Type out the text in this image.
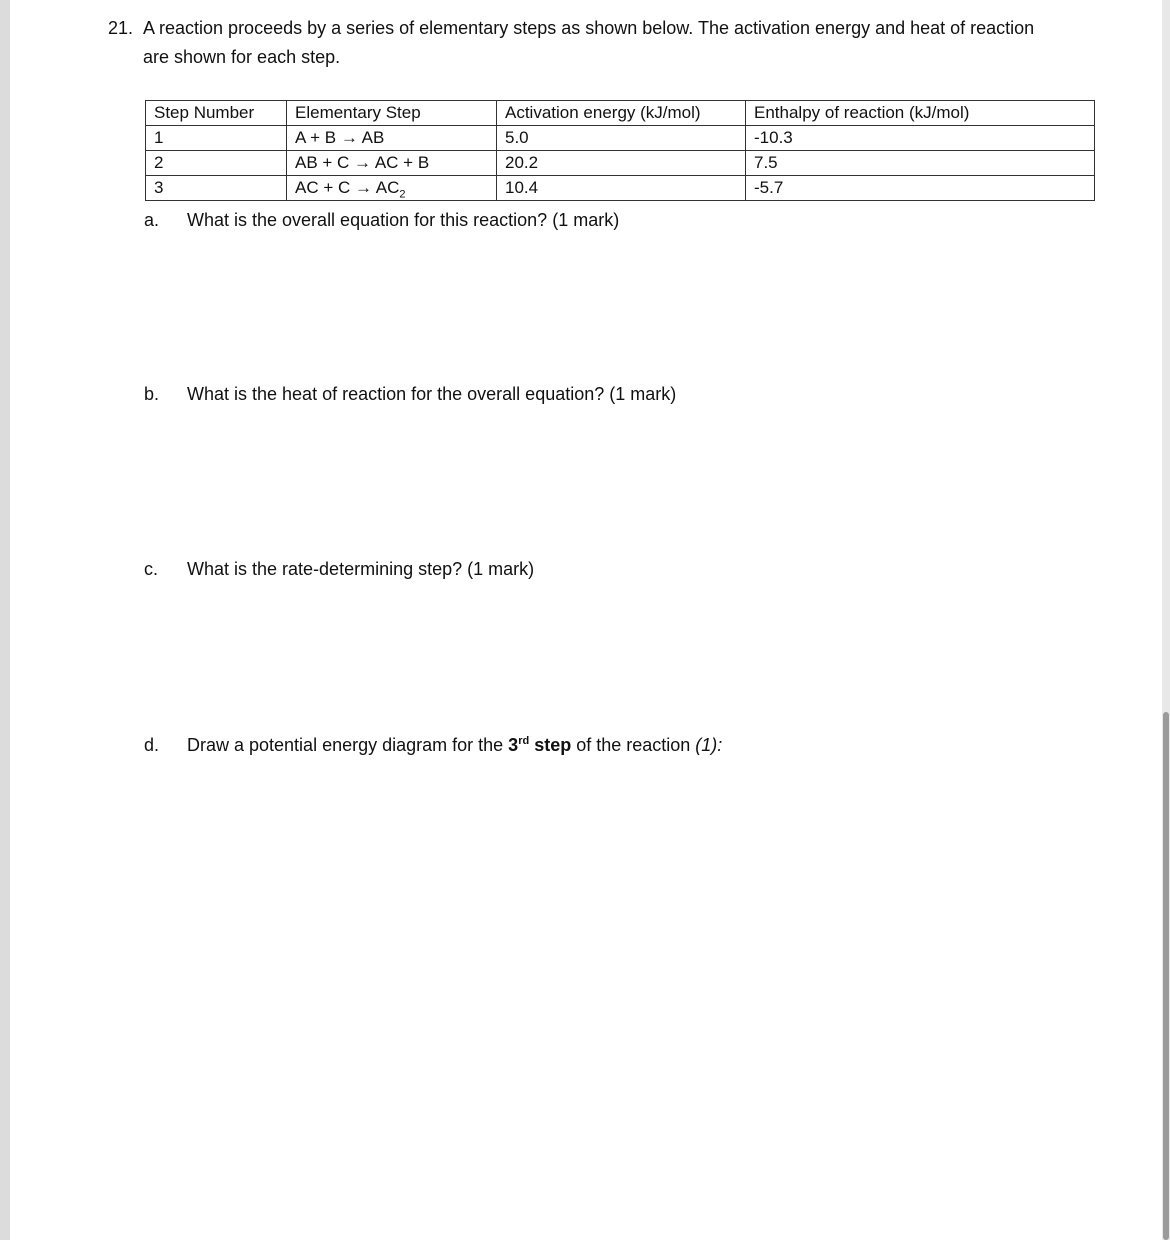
21. A reaction proceeds by a series of elementary steps as shown below. The activation energy and heat of reaction
are shown for each step.
Step Number	Elementary Step	Activation energy (kJ/mol)	Enthalpy of reaction (kJ/mol)
1	A + B → AB	5.0	-10.3
2	AB + C → AC + B	20.2	7.5
3	AC + $C \to AC_2$	10.4	-5.7
a. What is the overall equation for this reaction? (1 mark)
b. What is the heat of reaction for the overall equation? (1 mark)
c. What is the rate-determining step? (1 mark)
d. Draw a potential energy diagram for the 3rd step of the reaction (1):
